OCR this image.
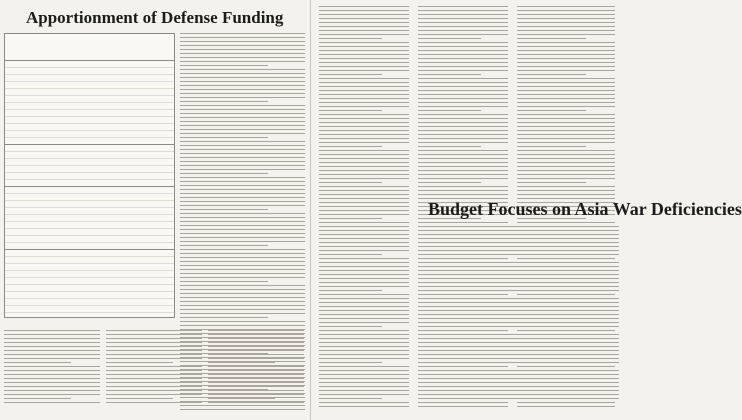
Apportionment of Defense Funding
Budget Focuses on Asia War Deficiencies
